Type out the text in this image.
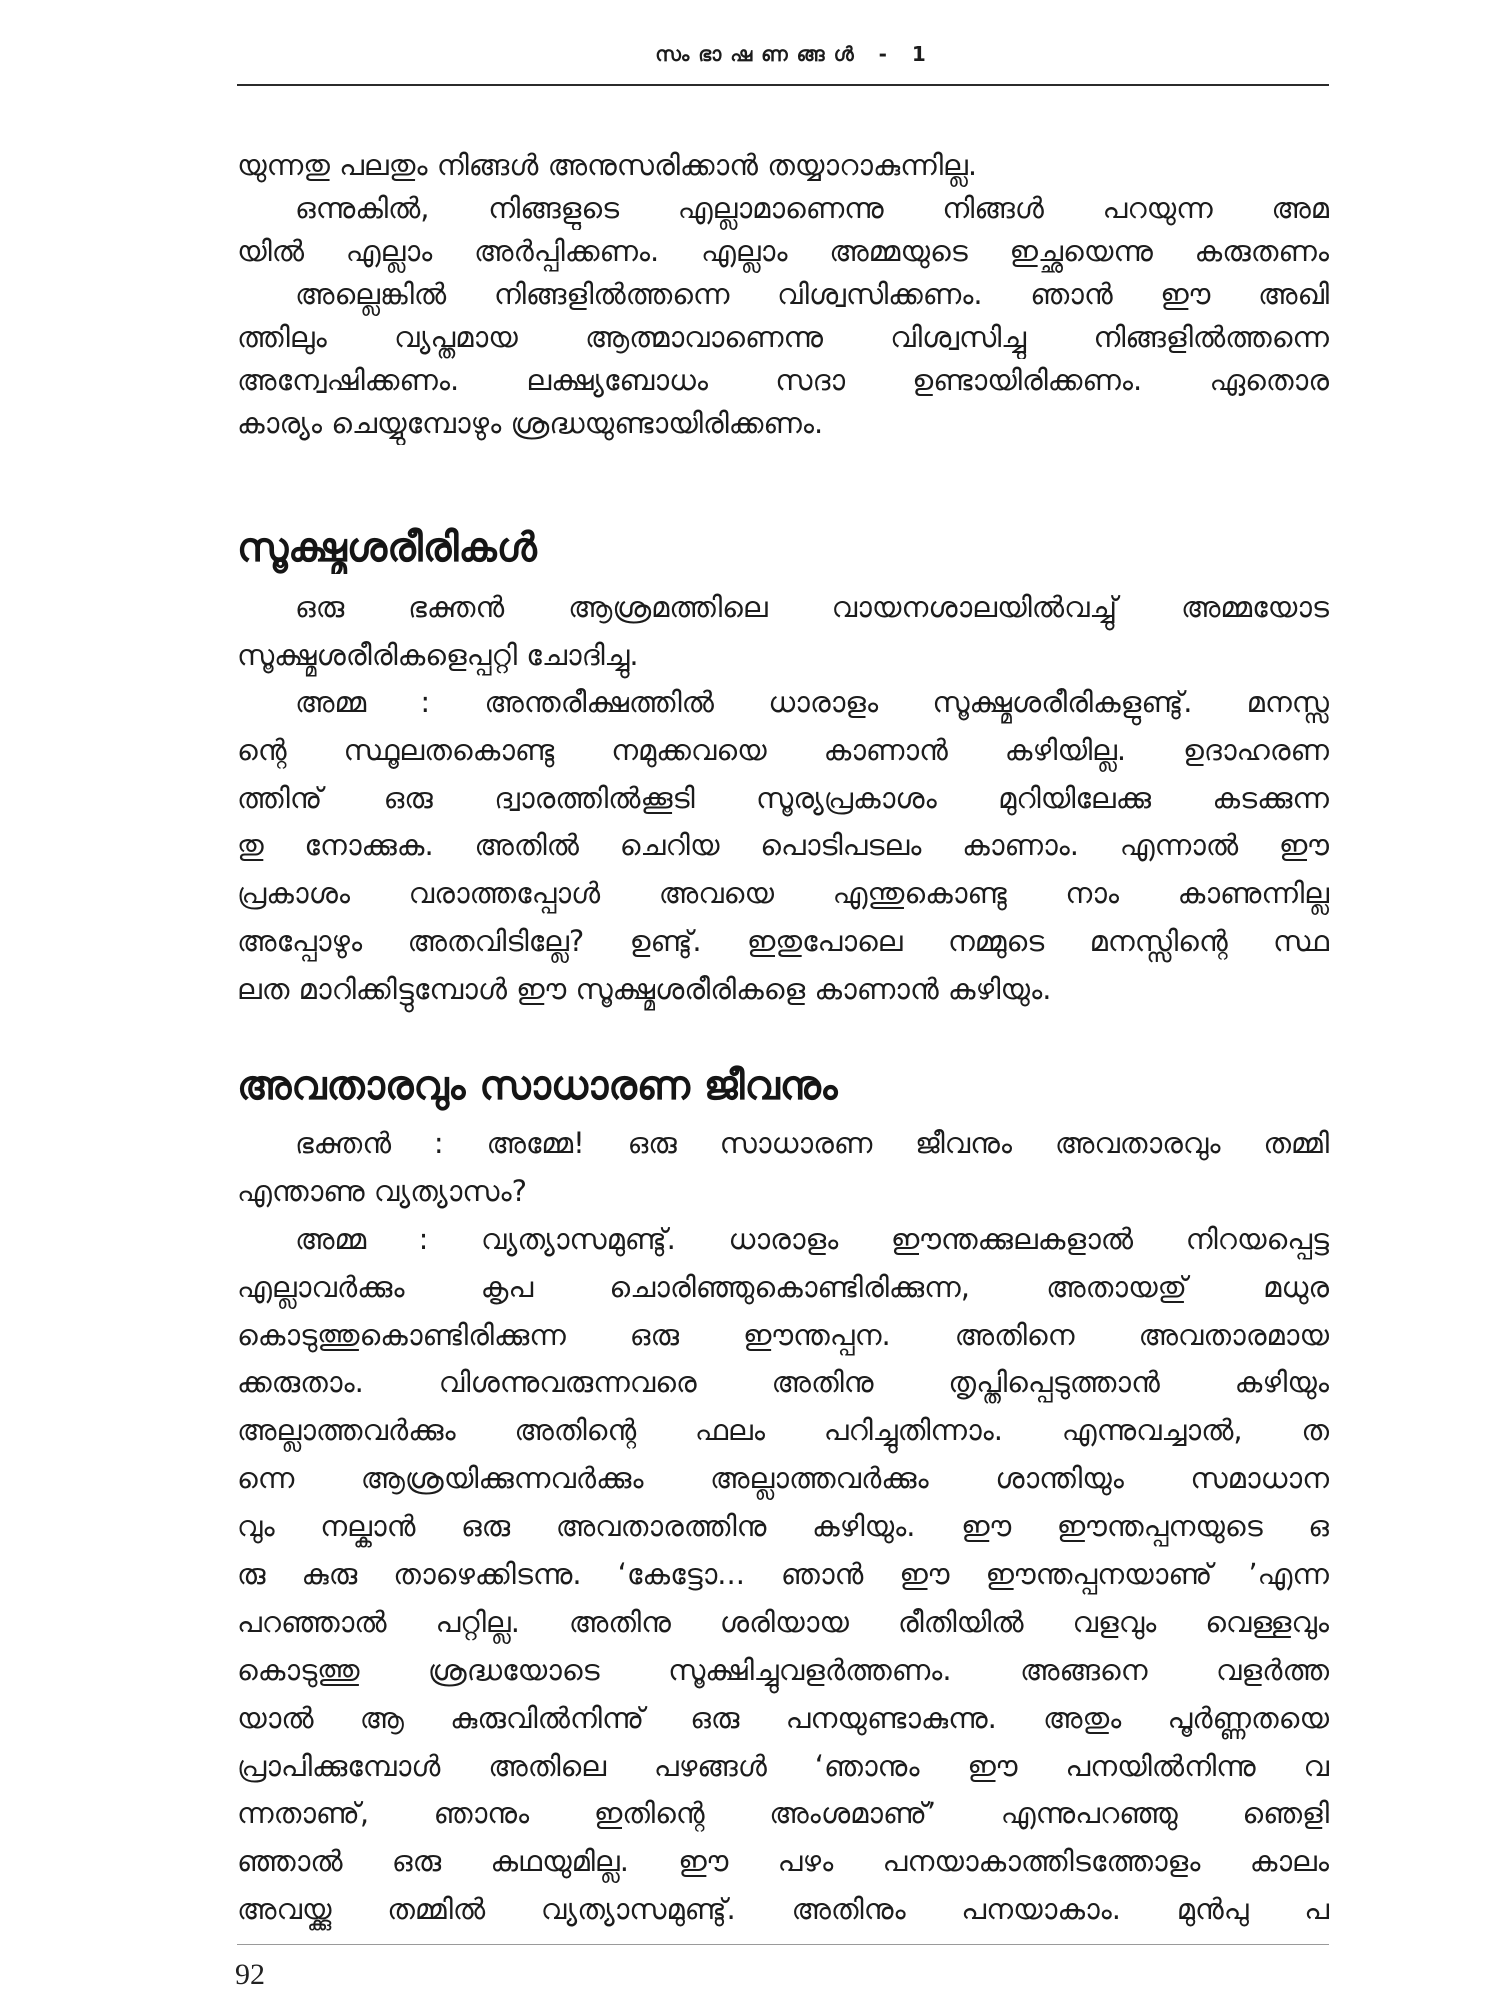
സംഭാഷണങ്ങൾ - 1
യുന്നതു പലതും നിങ്ങൾ അനുസരിക്കാൻ തയ്യാറാകുന്നില്ല.
ഒന്നുകിൽ, നിങ്ങളുടെ എല്ലാമാണെന്നു നിങ്ങൾ പറയുന്ന അമ
യിൽ എല്ലാം അർപ്പിക്കണം. എല്ലാം അമ്മയുടെ ഇച്ഛയെന്നു കരുതണം
അല്ലെങ്കിൽ നിങ്ങളിൽത്തന്നെ വിശ്വസിക്കണം. ഞാൻ ഈ അഖി
ത്തിലും വ്യപ്തമായ ആത്മാവാണെന്നു വിശ്വസിച്ചു നിങ്ങളിൽത്തന്നെ
അന്വേഷിക്കണം. ലക്ഷ്യബോധം സദാ ഉണ്ടായിരിക്കണം. ഏതൊര
കാര്യം ചെയ്യുമ്പോഴും ശ്രദ്ധയുണ്ടായിരിക്കണം.
സൂക്ഷ്മശരീരികൾ
ഒരു ഭക്തൻ ആശ്രമത്തിലെ വായനശാലയിൽവച്ചു് അമ്മയോട
സൂക്ഷ്മശരീരികളെപ്പറ്റി ചോദിച്ചു.
അമ്മ : അന്തരീക്ഷത്തിൽ ധാരാളം സൂക്ഷ്മശരീരികളുണ്ടു്. മനസ്സ
ന്റെ സ്ഥൂലതകൊണ്ടു നമുക്കവയെ കാണാൻ കഴിയില്ല. ഉദാഹരണ
ത്തിനു് ഒരു ദ്വാരത്തിൽക്കൂടി സൂര്യപ്രകാശം മുറിയിലേക്കു കടക്കുന്ന
തു നോക്കുക. അതിൽ ചെറിയ പൊടിപടലം കാണാം. എന്നാൽ ഈ
പ്രകാശം വരാത്തപ്പോൾ അവയെ എന്തുകൊണ്ടു നാം കാണുന്നില്ല
അപ്പോഴും അതവിടില്ലേ? ഉണ്ടു്. ഇതുപോലെ നമ്മുടെ മനസ്സിന്റെ സ്ഥ
ലത മാറിക്കിട്ടുമ്പോൾ ഈ സൂക്ഷ്മശരീരികളെ കാണാൻ കഴിയും.
അവതാരവും സാധാരണ ജീവനും
ഭക്തൻ : അമ്മേ! ഒരു സാധാരണ ജീവനും അവതാരവും തമ്മി
എന്താണു വ്യത്യാസം?
അമ്മ : വ്യത്യാസമുണ്ടു്. ധാരാളം ഈന്തക്കുലകളാൽ നിറയപ്പെട്ട
എല്ലാവർക്കും കൃപ ചൊരിഞ്ഞുകൊണ്ടിരിക്കുന്ന, അതായതു് മധുര
കൊടുത്തുകൊണ്ടിരിക്കുന്ന ഒരു ഈന്തപ്പന. അതിനെ അവതാരമായ
ക്കരുതാം. വിശന്നുവരുന്നവരെ അതിനു തൃപ്തിപ്പെടുത്താൻ കഴിയും
അല്ലാത്തവർക്കും അതിന്റെ ഫലം പറിച്ചുതിന്നാം. എന്നുവച്ചാൽ, ത
ന്നെ ആശ്രയിക്കുന്നവർക്കും അല്ലാത്തവർക്കും ശാന്തിയും സമാധാന
വും നല്കാൻ ഒരു അവതാരത്തിനു കഴിയും. ഈ ഈന്തപ്പനയുടെ ഒ
രു കുരു താഴെക്കിടന്നു. ‘കേട്ടോ... ഞാൻ ഈ ഈന്തപ്പനയാണു് ’എന്ന
പറഞ്ഞാൽ പറ്റില്ല. അതിനു ശരിയായ രീതിയിൽ വളവും വെള്ളവും
കൊടുത്തു ശ്രദ്ധയോടെ സൂക്ഷിച്ചുവളർത്തണം. അങ്ങനെ വളർത്ത
യാൽ ആ കുരുവിൽനിന്നു് ഒരു പനയുണ്ടാകുന്നു. അതും പൂർണ്ണതയെ
പ്രാപിക്കുമ്പോൾ അതിലെ പഴങ്ങൾ ‘ഞാനും ഈ പനയിൽനിന്നു വ
ന്നതാണു്, ഞാനും ഇതിന്റെ അംശമാണു്’ എന്നുപറഞ്ഞു ഞെളി
ഞ്ഞാൽ ഒരു കഥയുമില്ല. ഈ പഴം പനയാകാത്തിടത്തോളം കാലം
അവയ്ക്കു തമ്മിൽ വ്യത്യാസമുണ്ടു്. അതിനും പനയാകാം. മുൻപു പ
92
